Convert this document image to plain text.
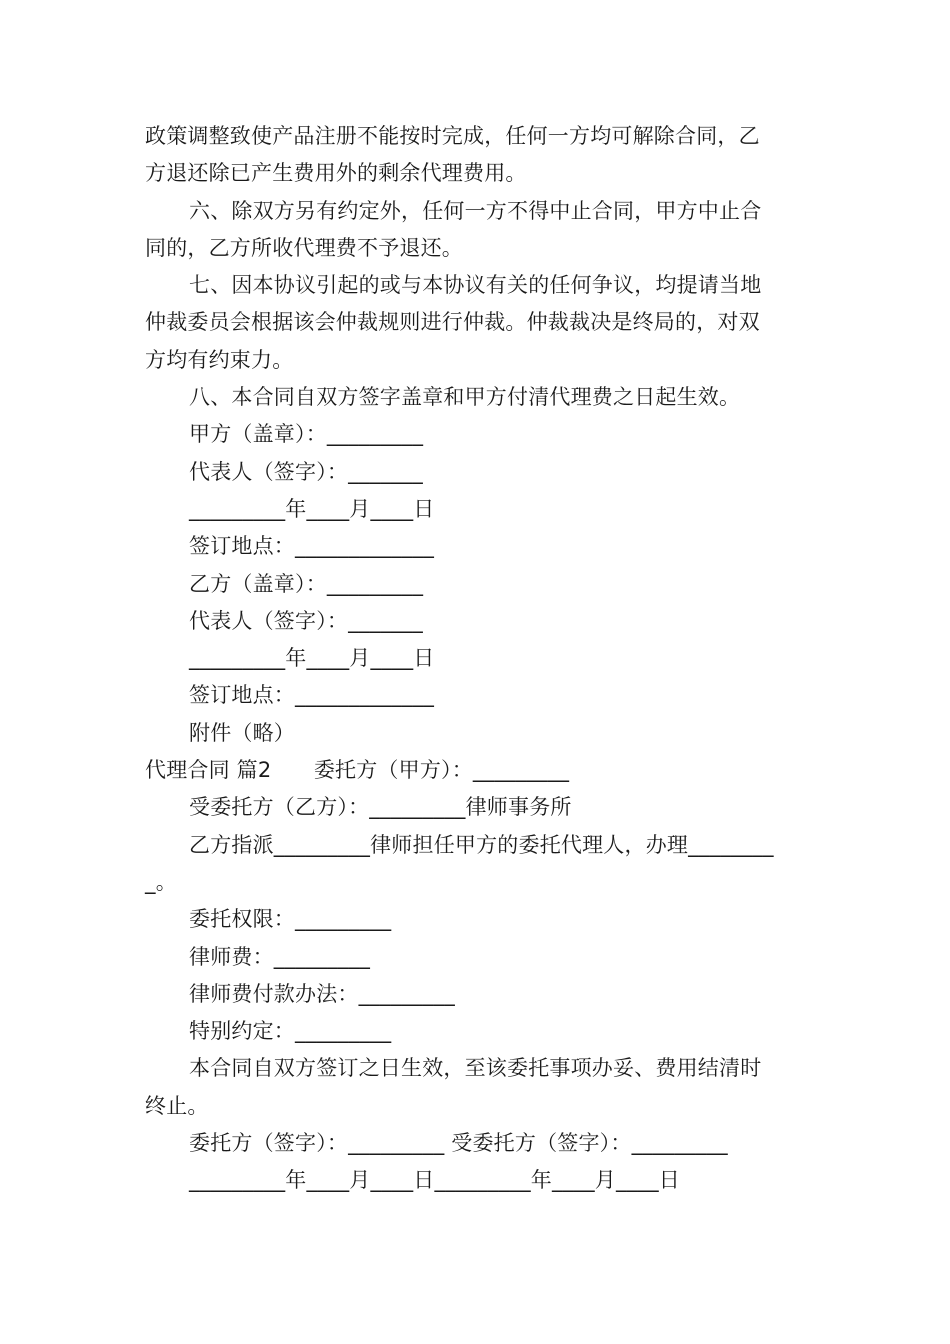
政策调整致使产品注册不能按时完成，任何一方均可解除合同，乙
方退还除已产生费用外的剩余代理费用。
六、除双方另有约定外，任何一方不得中止合同，甲方中止合
同的，乙方所收代理费不予退还。
七、因本协议引起的或与本协议有关的任何争议，均提请当地
仲裁委员会根据该会仲裁规则进行仲裁。仲裁裁决是终局的，对双
方均有约束力。
八、本合同自双方签字盖章和甲方付清代理费之日起生效。
甲方（盖章）：_________
代表人（签字）：_______
_________年____月____日
签订地点：_____________
乙方（盖章）：_________
代表人（签字）：_______
_________年____月____日
签订地点：_____________
附件（略）
代理合同 篇2　　委托方（甲方）：_________
受委托方（乙方）：_________律师事务所
乙方指派_________律师担任甲方的委托代理人，办理________
_。
委托权限：_________
律师费：_________
律师费付款办法：_________
特别约定：_________
本合同自双方签订之日生效，至该委托事项办妥、费用结清时
终止。
委托方（签字）：_________ 受委托方（签字）：_________
_________年____月____日_________年____月____日
